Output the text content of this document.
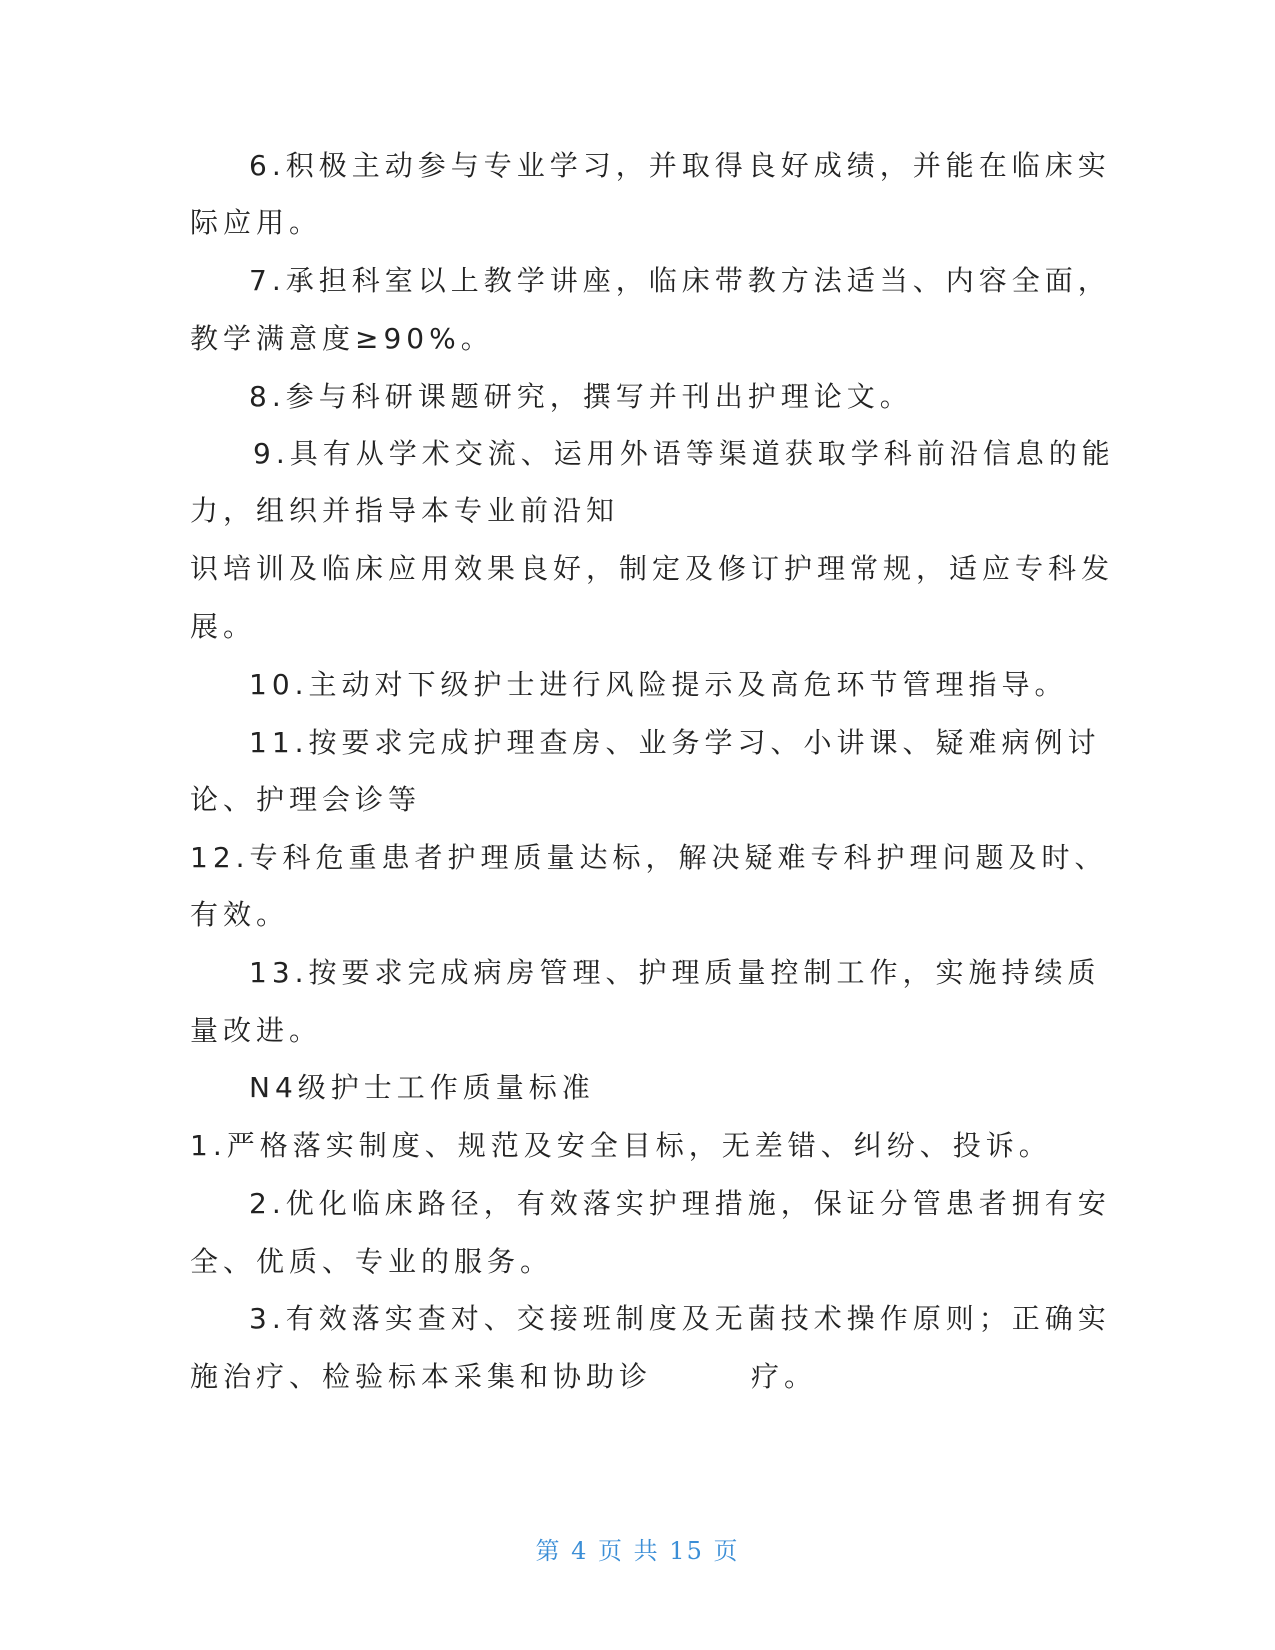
6.积极主动参与专业学习，并取得良好成绩，并能在临床实
际应用。
7.承担科室以上教学讲座，临床带教方法适当、内容全面，
教学满意度≥90%。
8.参与科研课题研究，撰写并刊出护理论文。
9.具有从学术交流、运用外语等渠道获取学科前沿信息的能
力，组织并指导本专业前沿知
识培训及临床应用效果良好，制定及修订护理常规，适应专科发
展。
10.主动对下级护士进行风险提示及高危环节管理指导。
11.按要求完成护理查房、业务学习、小讲课、疑难病例讨
论、护理会诊等
12.专科危重患者护理质量达标，解决疑难专科护理问题及时、
有效。
13.按要求完成病房管理、护理质量控制工作，实施持续质
量改进。
N4级护士工作质量标准
1.严格落实制度、规范及安全目标，无差错、纠纷、投诉。
2.优化临床路径，有效落实护理措施，保证分管患者拥有安
全、优质、专业的服务。
3.有效落实查对、交接班制度及无菌技术操作原则；正确实
施治疗、检验标本采集和协助诊　　　疗。
第 4 页 共 15 页
